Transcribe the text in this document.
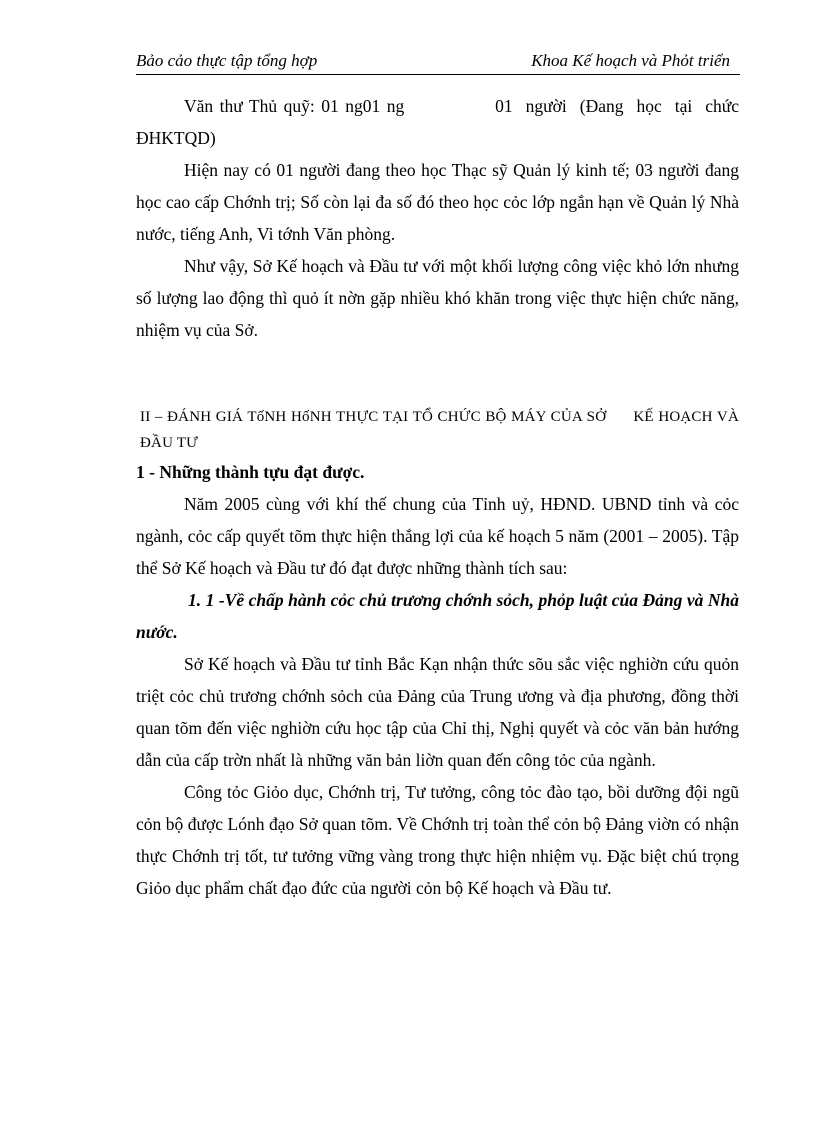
Bảo cảo thực tập tổng hợp	Khoa Kế hoạch và Phỏt triển

Văn thư Thủ quỹ: 01 ng01 ng              01  người  (Đang  học  tại  chức ĐHKTQD)

Hiện nay có 01 người đang theo học Thạc sỹ Quản lý kinh tế; 03 người đang học cao cấp Chớnh trị; Số còn lại đa số đó theo học cỏc lớp ngắn hạn về Quản lý Nhà nước, tiếng Anh, Vi tớnh Văn phòng.

Như vậy, Sở Kế hoạch và Đầu tư với một khối lượng công việc khỏ lớn nhưng số lượng lao động thì quỏ ít nờn gặp nhiều khó khăn trong việc thực hiện chức năng, nhiệm vụ của Sở.

II – ĐÁNH GIÁ TốNH HốNH THỰC TẠI TỔ CHỨC BỘ MÁY CỦA SỞ      KẾ HOẠCH VÀ ĐẦU TƯ

1 - Những thành tựu đạt được.

Năm 2005 cùng với khí thế chung của Tỉnh uỷ, HĐND. UBND tỉnh và cỏc ngành, cỏc cấp quyết tõm thực hiện thắng lợi của kế hoạch 5 năm (2001 – 2005). Tập thể Sở Kế hoạch và Đầu tư đó đạt được những thành tích sau:

1. 1 -Về chấp hành cỏc chủ trương chớnh sỏch, phỏp luật của Đảng và Nhà nước.

Sở Kế hoạch và Đầu tư tỉnh Bắc Kạn nhận thức sõu sắc việc nghiờn cứu quỏn triệt cỏc chủ trương chớnh sỏch của Đảng của Trung ương và địa phương, đồng thời quan tõm đến việc nghiờn cứu học tập của Chỉ thị, Nghị quyết và cỏc văn bản hướng dẫn của cấp trờn nhất là những văn bản liờn quan đến công tỏc của ngành.

Công tỏc Giỏo dục, Chớnh trị, Tư tưởng, công tỏc đào tạo, bồi dưỡng đội ngũ cỏn bộ được Lónh đạo Sở quan tõm. Về Chớnh trị toàn thể cỏn bộ Đảng viờn có nhận thực Chớnh trị tốt, tư tưởng vững vàng trong thực hiện nhiệm vụ. Đặc biệt chú trọng Giỏo dục phẩm chất đạo đức của người cỏn bộ Kế hoạch và Đầu tư.
